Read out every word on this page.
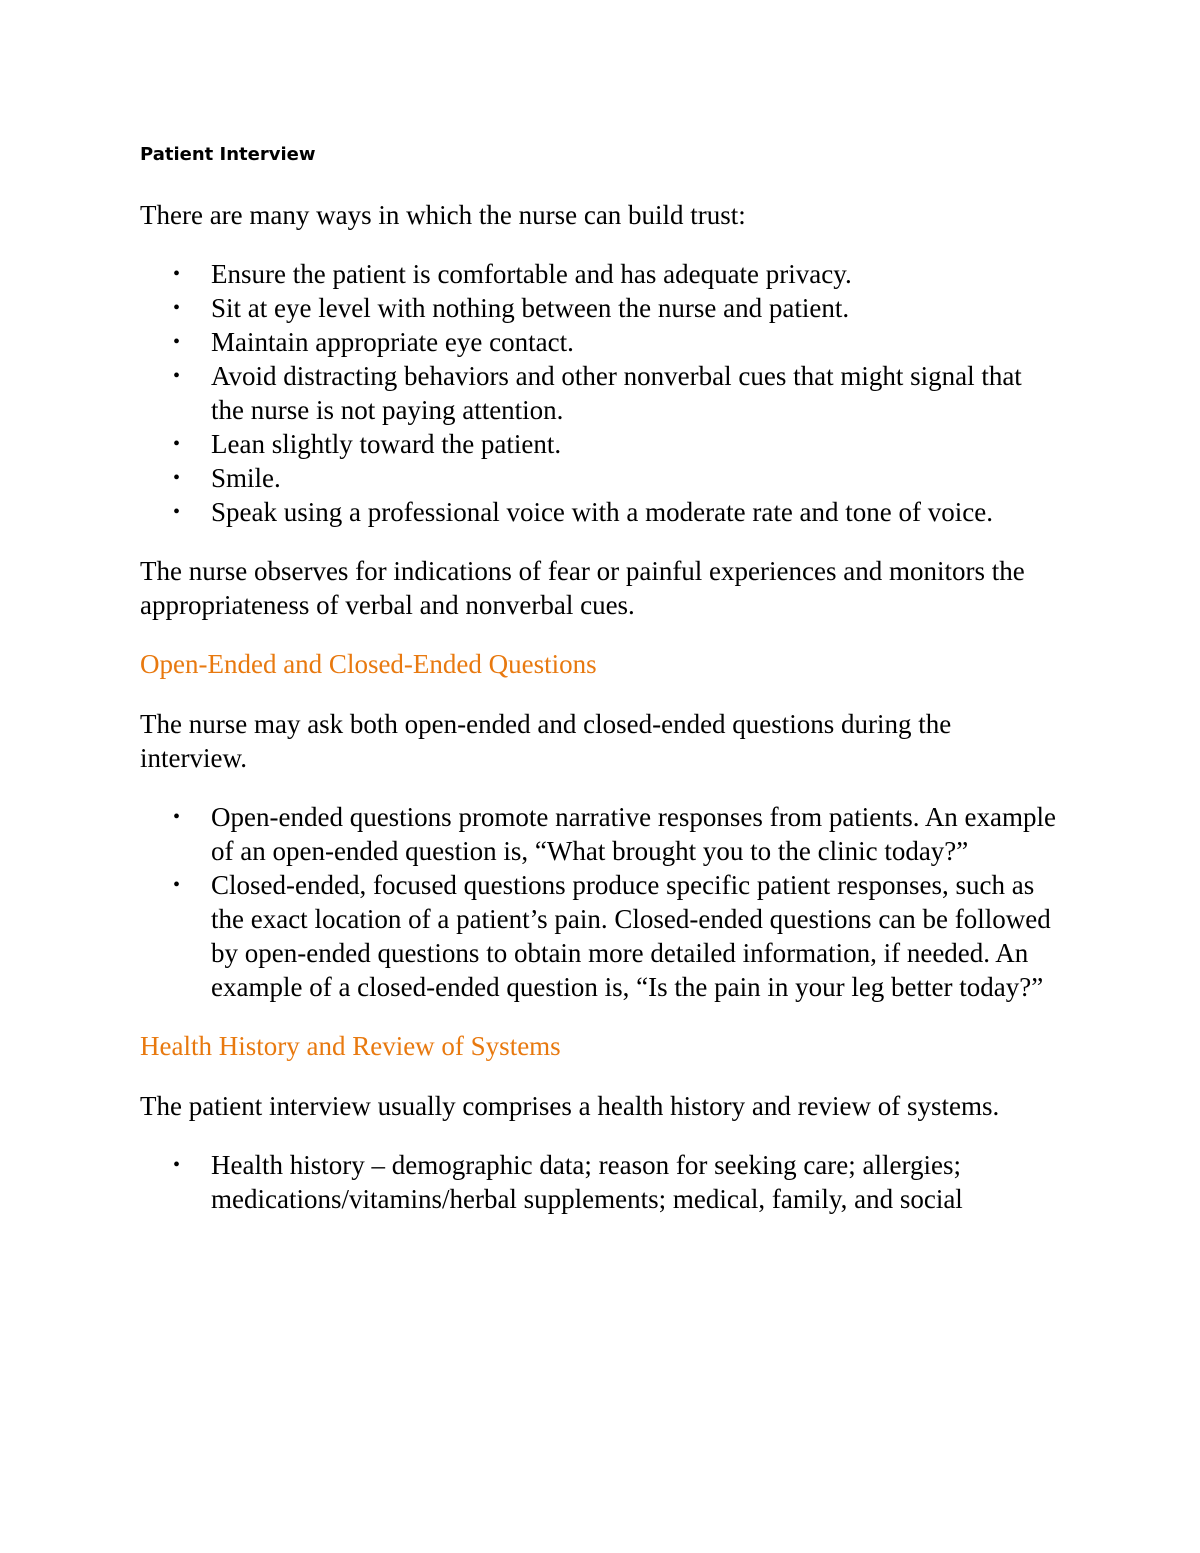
Patient Interview

There are many ways in which the nurse can build trust:

• Ensure the patient is comfortable and has adequate privacy.
• Sit at eye level with nothing between the nurse and patient.
• Maintain appropriate eye contact.
• Avoid distracting behaviors and other nonverbal cues that might signal that the nurse is not paying attention.
• Lean slightly toward the patient.
• Smile.
• Speak using a professional voice with a moderate rate and tone of voice.

The nurse observes for indications of fear or painful experiences and monitors the appropriateness of verbal and nonverbal cues.

Open-Ended and Closed-Ended Questions

The nurse may ask both open-ended and closed-ended questions during the interview.

• Open-ended questions promote narrative responses from patients. An example of an open-ended question is, “What brought you to the clinic today?”
• Closed-ended, focused questions produce specific patient responses, such as the exact location of a patient’s pain. Closed-ended questions can be followed by open-ended questions to obtain more detailed information, if needed. An example of a closed-ended question is, “Is the pain in your leg better today?”
Health History and Review of Systems

The patient interview usually comprises a health history and review of systems.

• Health history – demographic data; reason for seeking care; allergies; medications/vitamins/herbal supplements; medical, family, and social
